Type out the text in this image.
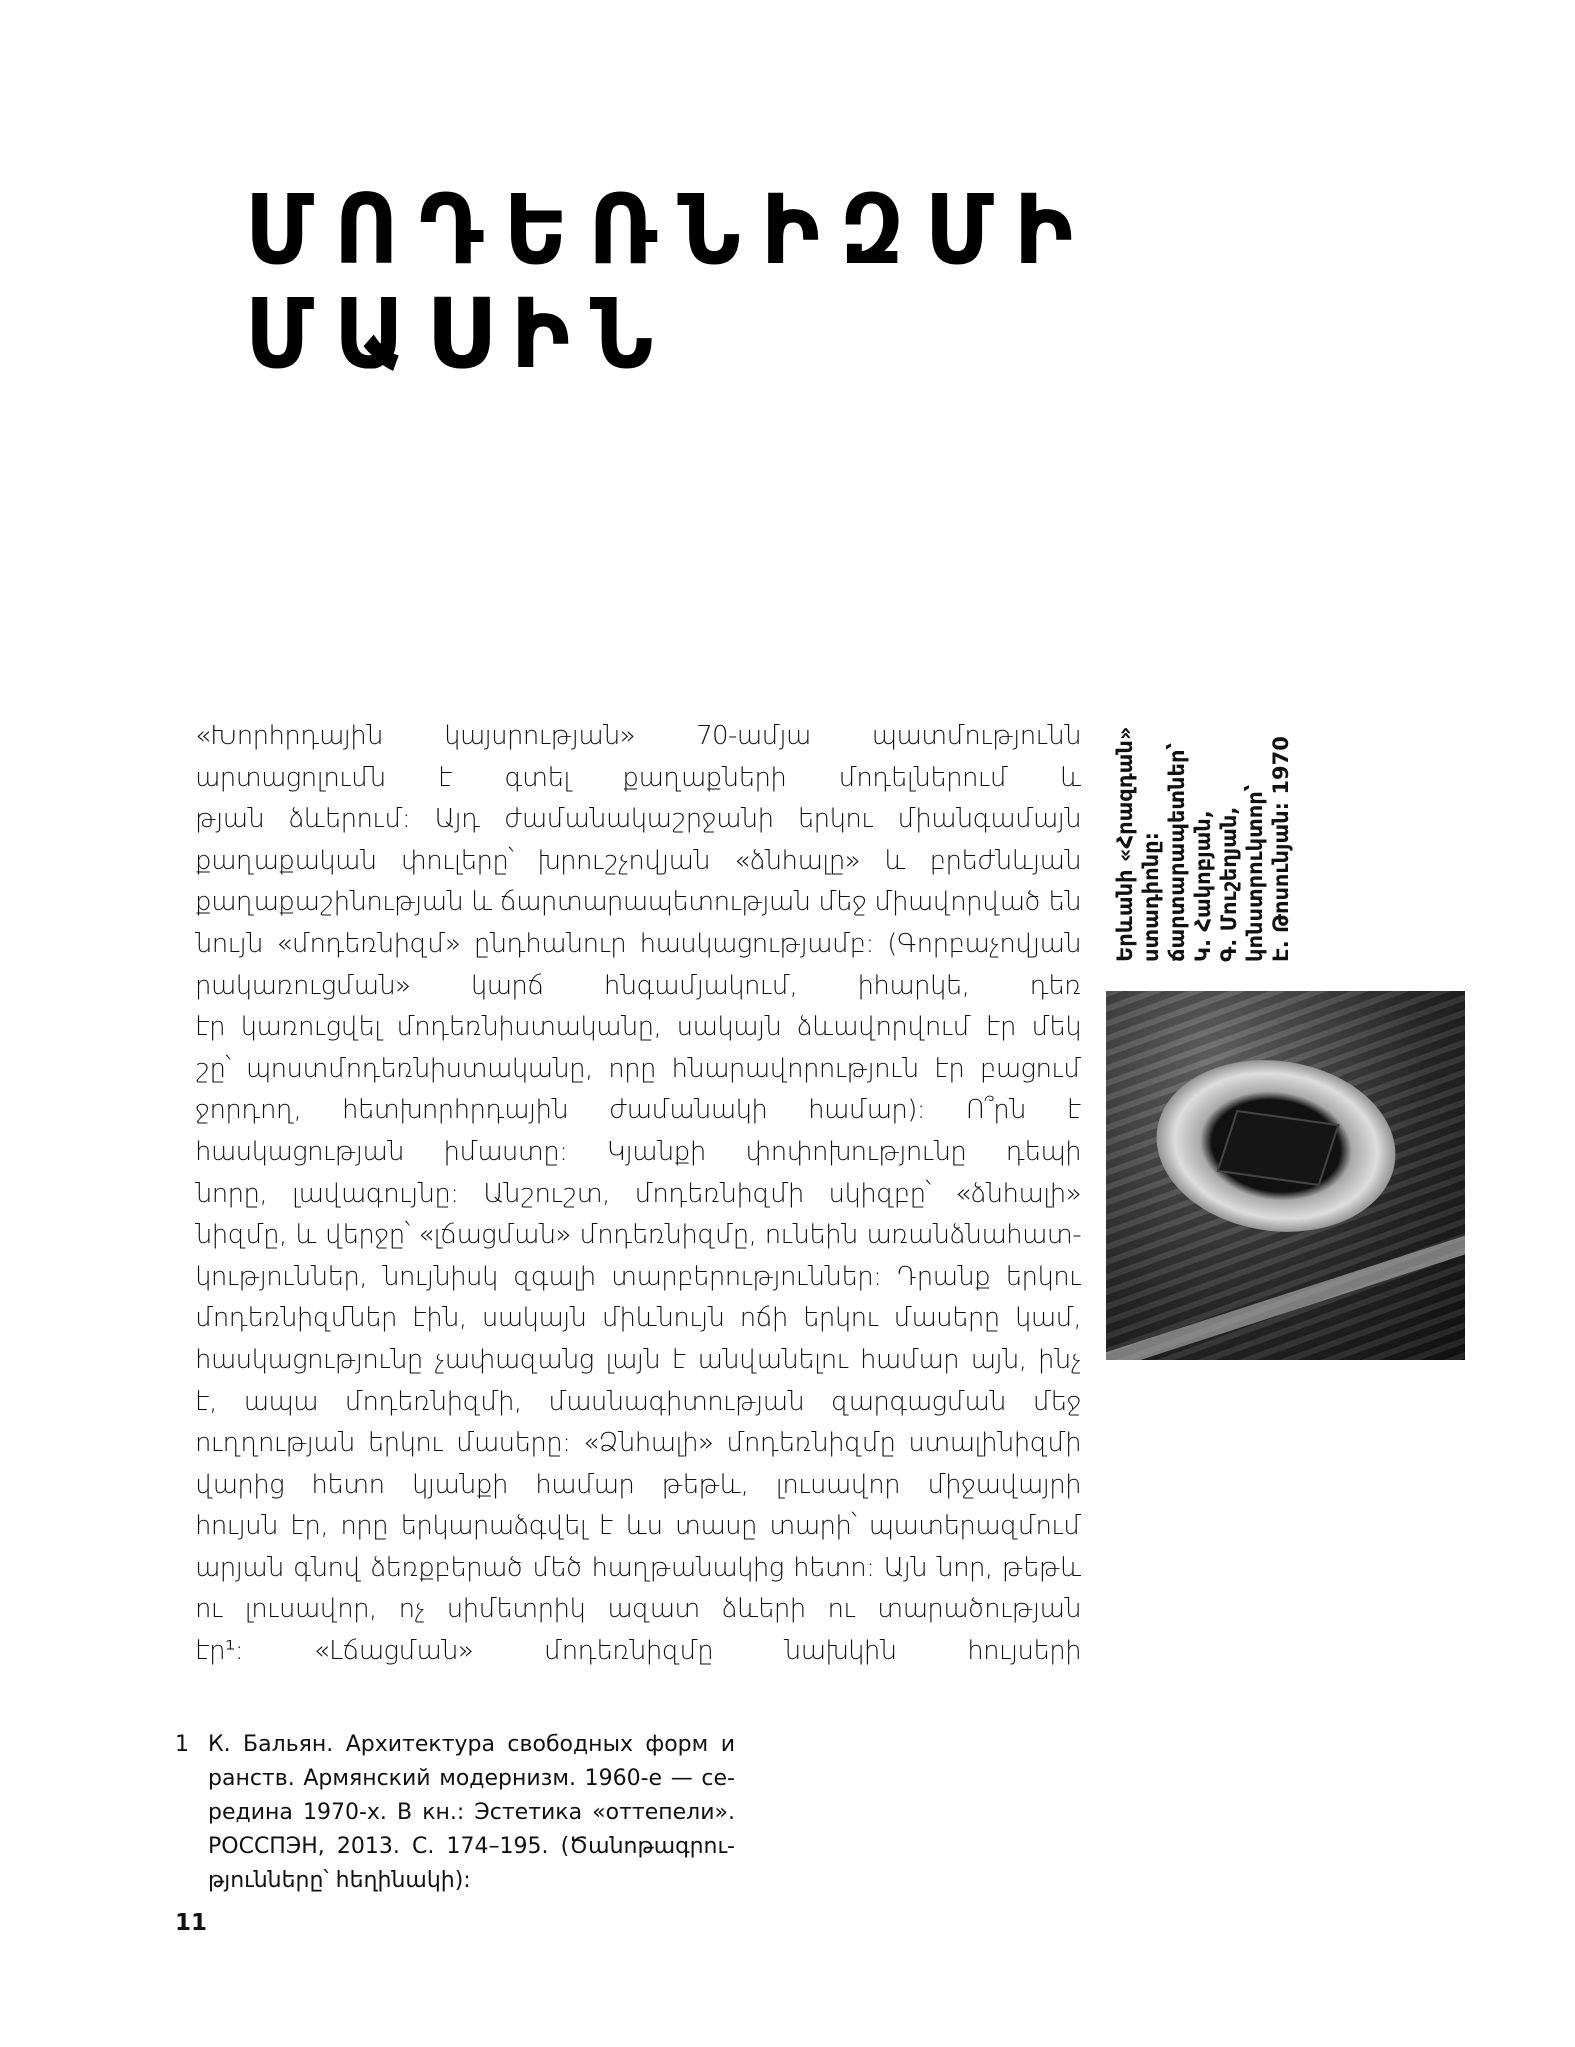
ՄՈԴԵՌՆԻԶՄԻ
ՄԱՍԻՆ
«Խորհրդային կայսրության» 70-ամյա պատմությունն
արտացոլումն է գտել քաղաքների մոդելներում և
թյան ձևերում: Այդ ժամանակաշրջանի երկու միանգամայն
քաղաքական փուլերը՝ խրուշչովյան «ձնհալը» և բրեժնևյան
քաղաքաշինության և ճարտարապետության մեջ միավորված են
նույն «մոդեռնիզմ» ընդհանուր հասկացությամբ: (Գորբաչովյան
րակառուցման» կարճ հնգամյակում, իհարկե, դեռ
էր կառուցվել մոդեռնիստականը, սակայն ձևավորվում էր մեկ
շը՝ պոստմոդեռնիստականը, որը հնարավորություն էր բացում
ջորդող, հետխորհրդային ժամանակի համար): Ո՞րն է
հասկացության իմաստը: Կյանքի փոփոխությունը դեպի
նորը, լավագույնը: Անշուշտ, մոդեռնիզմի սկիզբը՝ «ձնհալի»
նիզմը, և վերջը՝ «լճացման» մոդեռնիզմը, ունեին առանձնահատ-
կություններ, նույնիսկ զգալի տարբերություններ: Դրանք երկու
մոդեռնիզմներ էին, սակայն միևնույն ոճի երկու մասերը կամ,
հասկացությունը չափազանց լայն է անվանելու համար այն, ինչ
է, ապա մոդեռնիզմի, մասնագիտության զարգացման մեջ
ուղղության երկու մասերը: «Ձնհալի» մոդեռնիզմը ստալինիզմի
վարից հետո կյանքի համար թեթև, լուսավոր միջավայրի
հույսն էր, որը երկարաձգվել է ևս տասը տարի՝ պատերազմում
արյան գնով ձեռքբերած մեծ հաղթանակից հետո: Այն նոր, թեթև
ու լուսավոր, ոչ սիմետրիկ ազատ ձևերի ու տարածության
էր¹: «Լճացման» մոդեռնիզմը նախկին հույսերի
Երևանի «Հրազդան» ստադիոնը: ճարտարապետներ՝ Կ. Հակոբյան, Գ. Մուշեղյան, կոնստրուկտոր՝ Է. Թոսունյան: 1970
1 К. Бальян. Архитектура свободных форм и
ранств. Армянский модернизм. 1960-е — се-
редина 1970-х. В кн.: Эстетика «оттепели».
РОССПЭН, 2013. С. 174–195. (Ծանոթագրու-
թյունները՝ հեղինակի):
11
